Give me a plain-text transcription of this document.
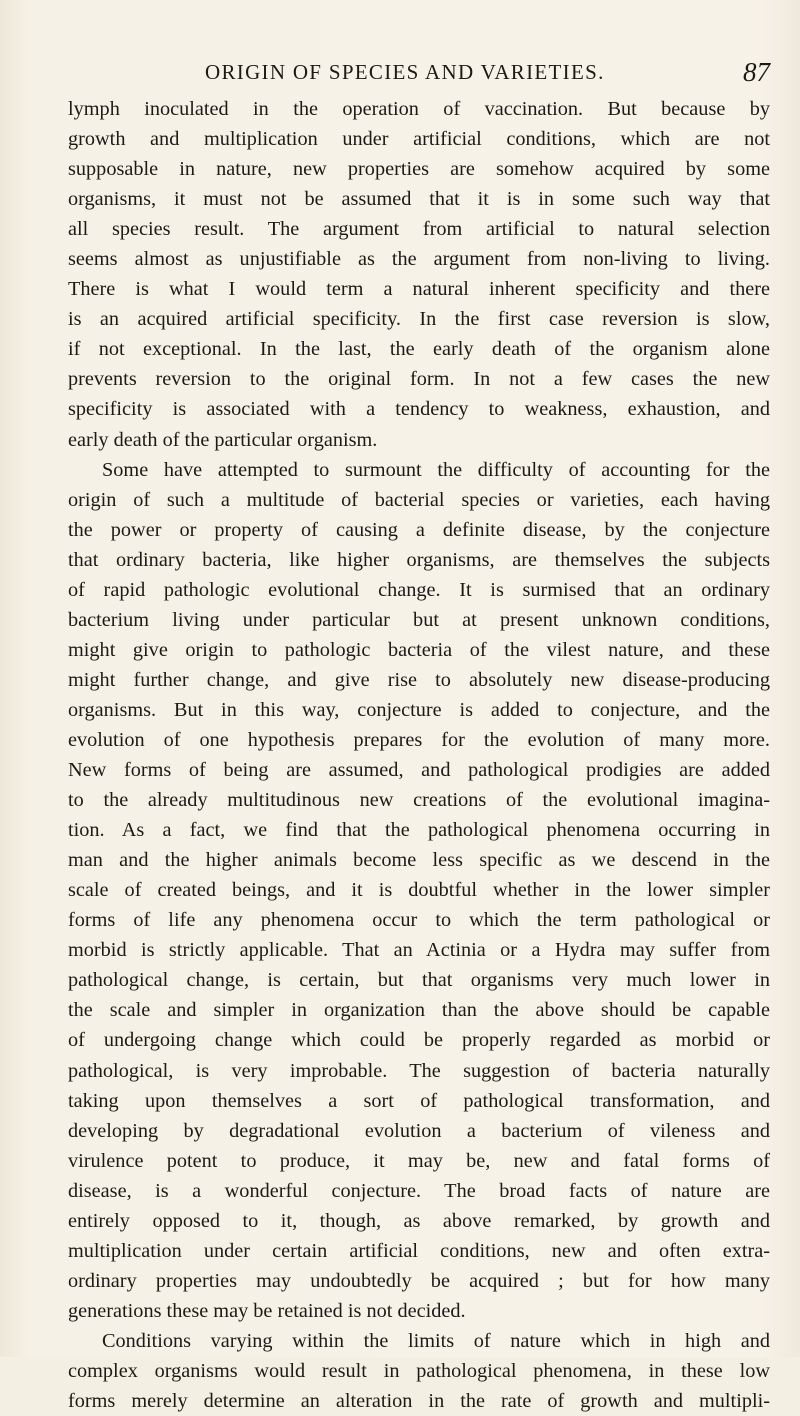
ORIGIN OF SPECIES AND VARIETIES.	87
lymph inoculated in the operation of vaccination. But because by
growth and multiplication under artificial conditions, which are not
supposable in nature, new properties are somehow acquired by some
organisms, it must not be assumed that it is in some such way that
all species result. The argument from artificial to natural selection
seems almost as unjustifiable as the argument from non-living to living.
There is what I would term a natural inherent specificity and there
is an acquired artificial specificity. In the first case reversion is slow,
if not exceptional. In the last, the early death of the organism alone
prevents reversion to the original form. In not a few cases the new
specificity is associated with a tendency to weakness, exhaustion, and
early death of the particular organism.
Some have attempted to surmount the difficulty of accounting for the
origin of such a multitude of bacterial species or varieties, each having
the power or property of causing a definite disease, by the conjecture
that ordinary bacteria, like higher organisms, are themselves the subjects
of rapid pathologic evolutional change. It is surmised that an ordinary
bacterium living under particular but at present unknown conditions,
might give origin to pathologic bacteria of the vilest nature, and these
might further change, and give rise to absolutely new disease-producing
organisms. But in this way, conjecture is added to conjecture, and the
evolution of one hypothesis prepares for the evolution of many more.
New forms of being are assumed, and pathological prodigies are added
to the already multitudinous new creations of the evolutional imagina-
tion. As a fact, we find that the pathological phenomena occurring in
man and the higher animals become less specific as we descend in the
scale of created beings, and it is doubtful whether in the lower simpler
forms of life any phenomena occur to which the term pathological or
morbid is strictly applicable. That an Actinia or a Hydra may suffer from
pathological change, is certain, but that organisms very much lower in
the scale and simpler in organization than the above should be capable
of undergoing change which could be properly regarded as morbid or
pathological, is very improbable. The suggestion of bacteria naturally
taking upon themselves a sort of pathological transformation, and
developing by degradational evolution a bacterium of vileness and
virulence potent to produce, it may be, new and fatal forms of
disease, is a wonderful conjecture. The broad facts of nature are
entirely opposed to it, though, as above remarked, by growth and
multiplication under certain artificial conditions, new and often extra-
ordinary properties may undoubtedly be acquired ; but for how many
generations these may be retained is not decided.
Conditions varying within the limits of nature which in high and
complex organisms would result in pathological phenomena, in these low
forms merely determine an alteration in the rate of growth and multipli-
